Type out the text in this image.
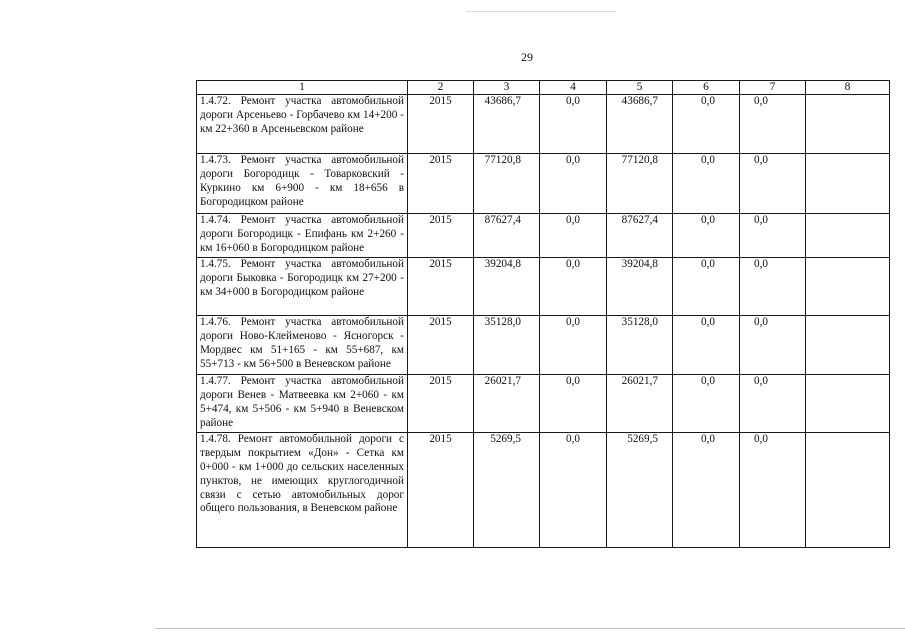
29
1	2	3	4	5	6	7	8
1.4.72. Ремонт участка автомобильной дороги Арсеньево - Горбачево км 14+200 - км 22+360 в Арсеньевском районе	2015	43686,7	0,0	43686,7	0,0	0,0	
1.4.73. Ремонт участка автомобильной дороги Богородицк - Товарковский - Куркино км 6+900 - км 18+656 в Богородицком районе	2015	77120,8	0,0	77120,8	0,0	0,0	
1.4.74. Ремонт участка автомобильной дороги Богородицк - Епифань км 2+260 - км 16+060 в Богородицком районе	2015	87627,4	0,0	87627,4	0,0	0,0	
1.4.75. Ремонт участка автомобильной дороги Быковка - Богородицк км 27+200 - км 34+000 в Богородицком районе	2015	39204,8	0,0	39204,8	0,0	0,0	
1.4.76. Ремонт участка автомобильной дороги Ново-Клейменово - Ясногорск - Мордвес км 51+165 - км 55+687, км 55+713 - км 56+500 в Веневском районе	2015	35128,0	0,0	35128,0	0,0	0,0	
1.4.77. Ремонт участка автомобильной дороги Венев - Матвеевка км 2+060 - км 5+474, км 5+506 - км 5+940 в Веневском районе	2015	26021,7	0,0	26021,7	0,0	0,0	
1.4.78. Ремонт автомобильной дороги с твердым покрытием «Дон» - Сетка км 0+000 - км 1+000 до сельских населенных пунктов, не имеющих круглогодичной связи с сетью автомобильных дорог общего пользования, в Веневском районе	2015	5269,5	0,0	5269,5	0,0	0,0	
